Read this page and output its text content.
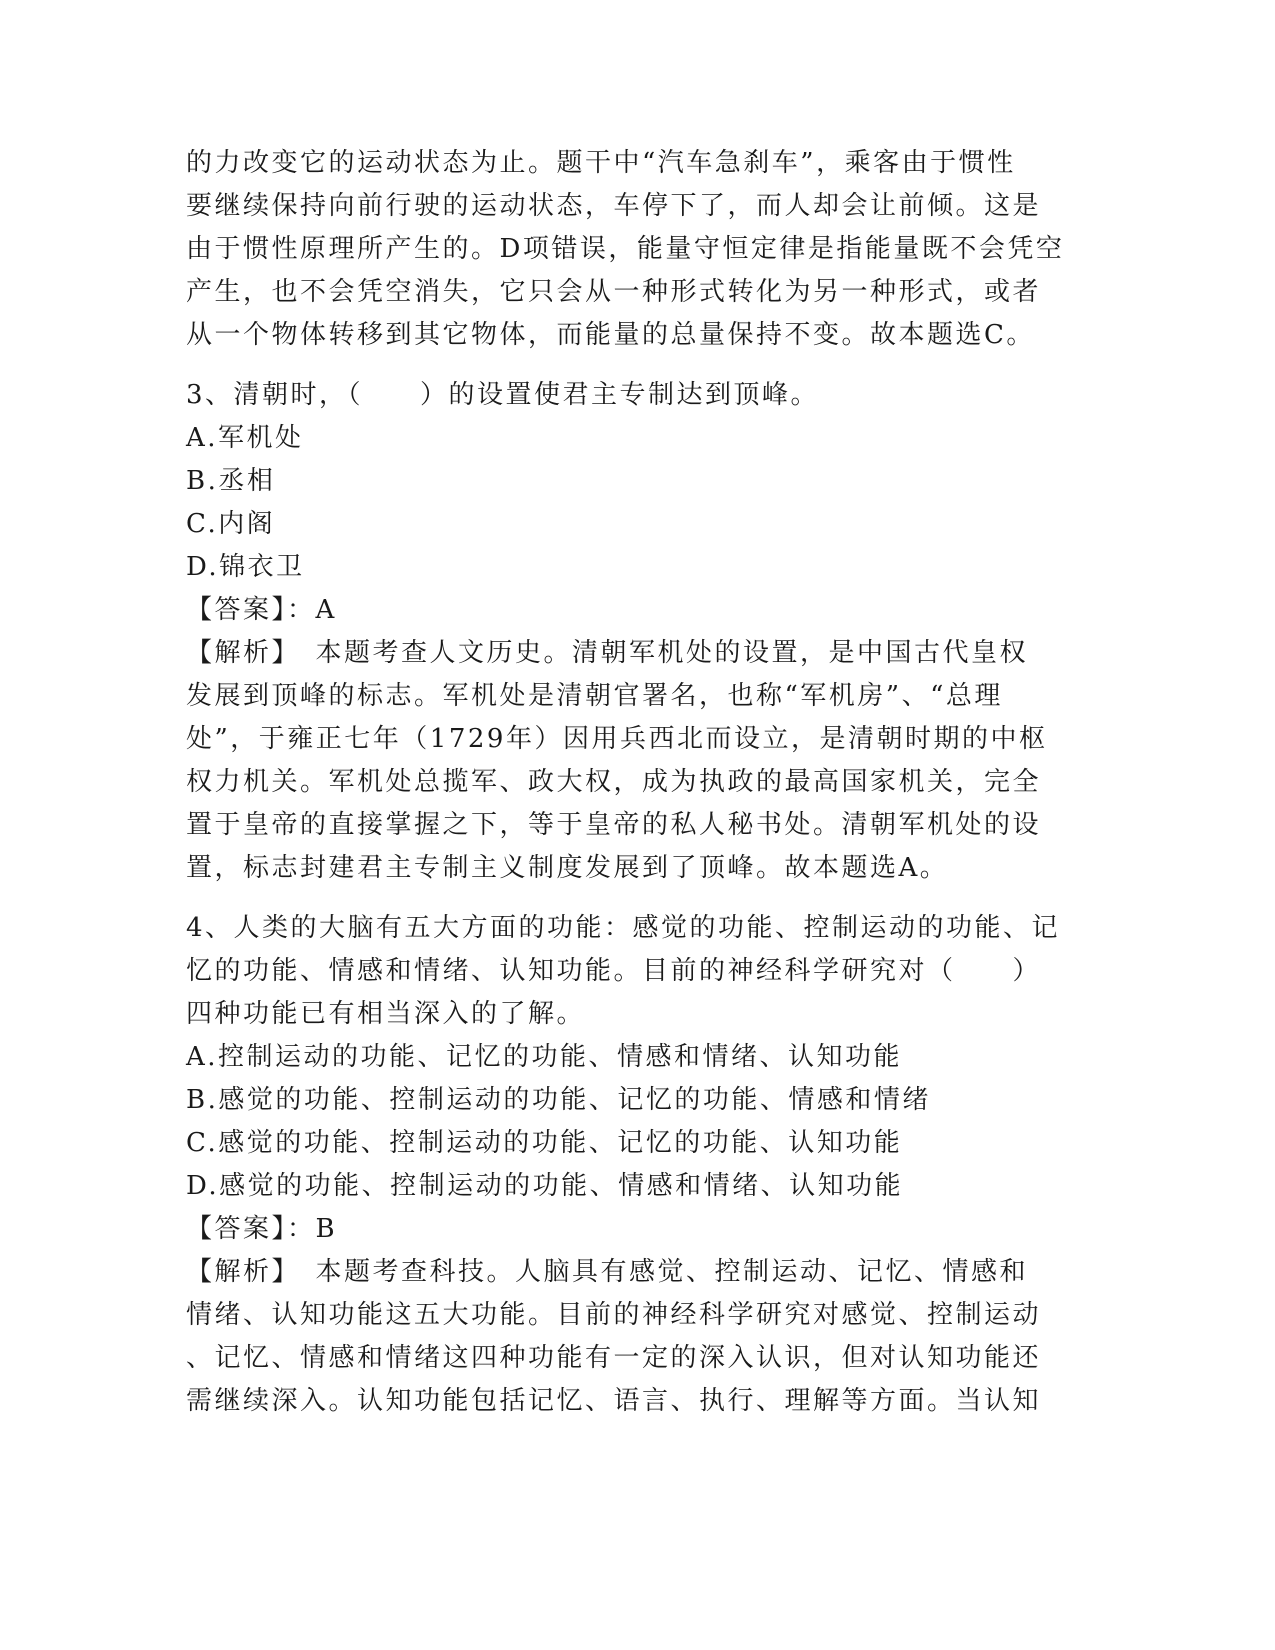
的力改变它的运动状态为止。题干中“汽车急刹车”，乘客由于惯性
要继续保持向前行驶的运动状态，车停下了，而人却会让前倾。这是
由于惯性原理所产生的。D项错误，能量守恒定律是指能量既不会凭空
产生，也不会凭空消失，它只会从一种形式转化为另一种形式，或者
从一个物体转移到其它物体，而能量的总量保持不变。故本题选C。
3、清朝时，（　　）的设置使君主专制达到顶峰。
A.军机处
B.丞相
C.内阁
D.锦衣卫
【答案】：A
【解析】　本题考查人文历史。清朝军机处的设置，是中国古代皇权
发展到顶峰的标志。军机处是清朝官署名，也称“军机房”、“总理
处”，于雍正七年（1729年）因用兵西北而设立，是清朝时期的中枢
权力机关。军机处总揽军、政大权，成为执政的最高国家机关，完全
置于皇帝的直接掌握之下，等于皇帝的私人秘书处。清朝军机处的设
置，标志封建君主专制主义制度发展到了顶峰。故本题选A。
4、人类的大脑有五大方面的功能：感觉的功能、控制运动的功能、记
忆的功能、情感和情绪、认知功能。目前的神经科学研究对（　　）
四种功能已有相当深入的了解。
A.控制运动的功能、记忆的功能、情感和情绪、认知功能
B.感觉的功能、控制运动的功能、记忆的功能、情感和情绪
C.感觉的功能、控制运动的功能、记忆的功能、认知功能
D.感觉的功能、控制运动的功能、情感和情绪、认知功能
【答案】：B
【解析】　本题考查科技。人脑具有感觉、控制运动、记忆、情感和
情绪、认知功能这五大功能。目前的神经科学研究对感觉、控制运动
、记忆、情感和情绪这四种功能有一定的深入认识，但对认知功能还
需继续深入。认知功能包括记忆、语言、执行、理解等方面。当认知
